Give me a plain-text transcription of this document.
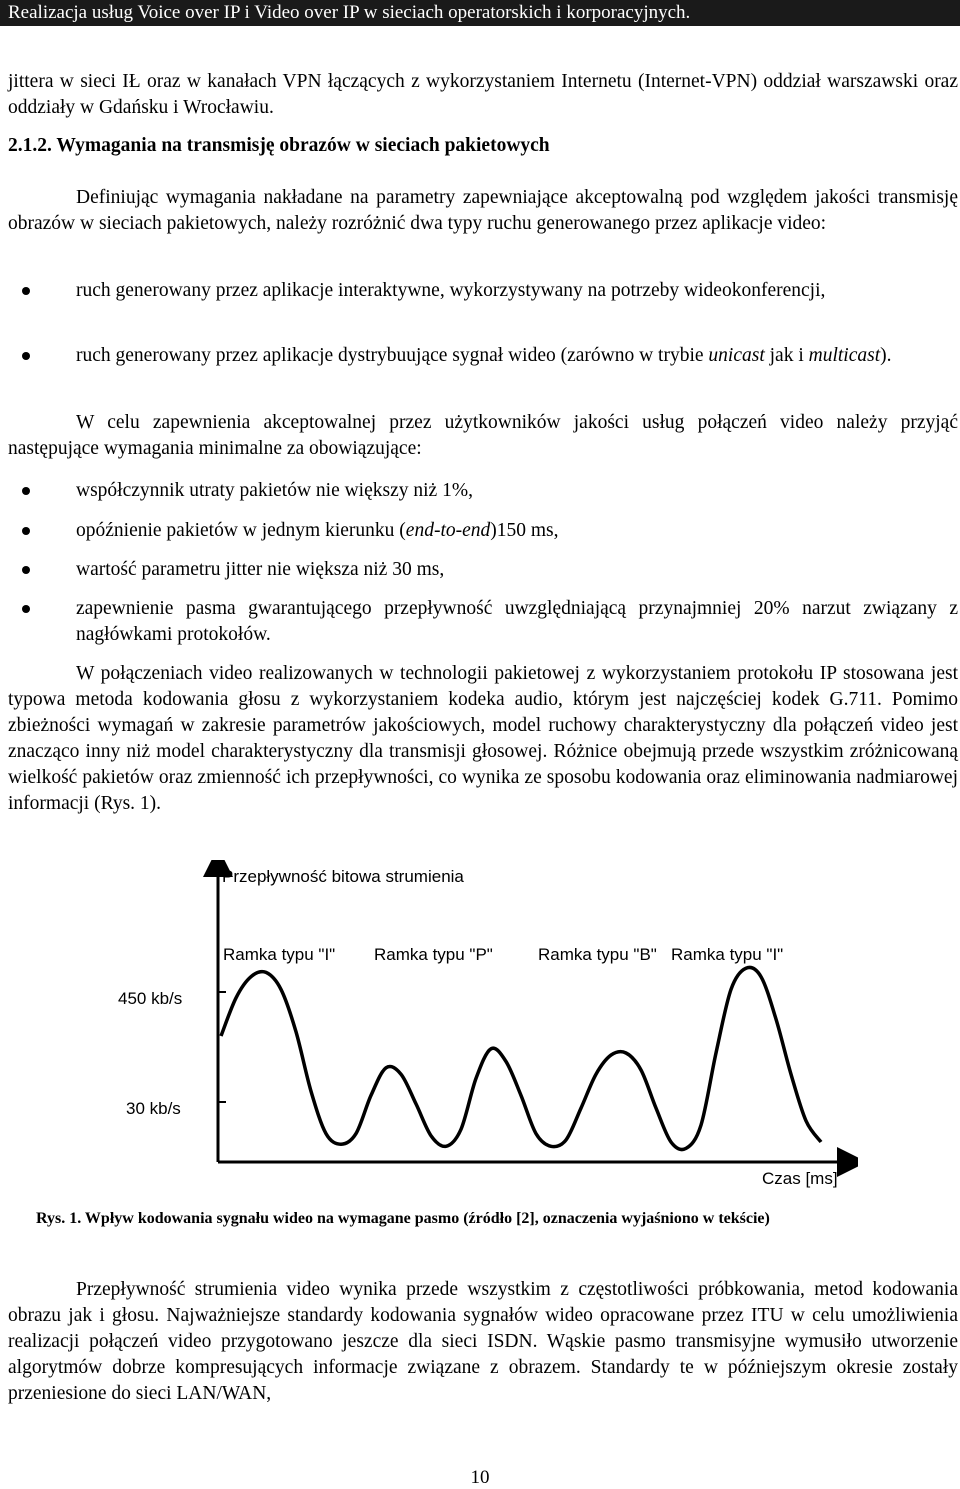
Realizacja usług Voice over IP i Video over IP w sieciach operatorskich i korporacyjnych.

jittera w sieci IŁ oraz w kanałach VPN łączących z wykorzystaniem Internetu (Internet-VPN) oddział warszawski oraz oddziały w Gdańsku i Wrocławiu.

2.1.2. Wymagania na transmisję obrazów w sieciach pakietowych

Definiując wymagania nakładane na parametry zapewniające akceptowalną pod względem jakości transmisję obrazów w sieciach pakietowych, należy rozróżnić dwa typy ruchu generowanego przez aplikacje video:

ruch generowany przez aplikacje interaktywne, wykorzystywany na potrzeby wideokonferencji,

ruch generowany przez aplikacje dystrybuujące sygnał wideo (zarówno w trybie unicast jak i multicast).

W celu zapewnienia akceptowalnej przez użytkowników jakości usług połączeń video należy przyjąć następujące wymagania minimalne za obowiązujące:

współczynnik utraty pakietów nie większy niż 1%,

opóźnienie pakietów w jednym kierunku (end-to-end)150 ms,

wartość parametru jitter nie większa niż 30 ms,

zapewnienie pasma gwarantującego przepływność uwzględniającą przynajmniej 20% narzut związany z nagłówkami protokołów.

W połączeniach video realizowanych w technologii pakietowej z wykorzystaniem protokołu IP stosowana jest typowa metoda kodowania głosu z wykorzystaniem kodeka audio, którym jest najczęściej kodek G.711. Pomimo zbieżności wymagań w zakresie parametrów jakościowych, model ruchowy charakterystyczny dla połączeń video jest znacząco inny niż model charakterystyczny dla transmisji głosowej. Różnice obejmują przede wszystkim zróżnicowaną wielkość pakietów oraz zmienność ich przepływności, co wynika ze sposobu kodowania oraz eliminowania nadmiarowej informacji (Rys. 1).

Przepływność bitowa strumienia
Czas [ms]
450 kb/s
30 kb/s
Ramka typu "I" Ramka typu "P"	Ramka typu "B" Ramka typu "I"
Rys. 1. Wpływ kodowania sygnału wideo na wymagane pasmo (źródło [2], oznaczenia wyjaśniono w tekście)

Przepływność strumienia video wynika przede wszystkim z częstotliwości próbkowania, metod kodowania obrazu jak i głosu. Najważniejsze standardy kodowania sygnałów wideo opracowane przez ITU w celu umożliwienia realizacji połączeń video przygotowano jeszcze dla sieci ISDN. Wąskie pasmo transmisyjne wymusiło utworzenie algorytmów dobrze kompresujących informacje związane z obrazem. Standardy te w późniejszym okresie zostały przeniesione do sieci LAN/WAN,

10
